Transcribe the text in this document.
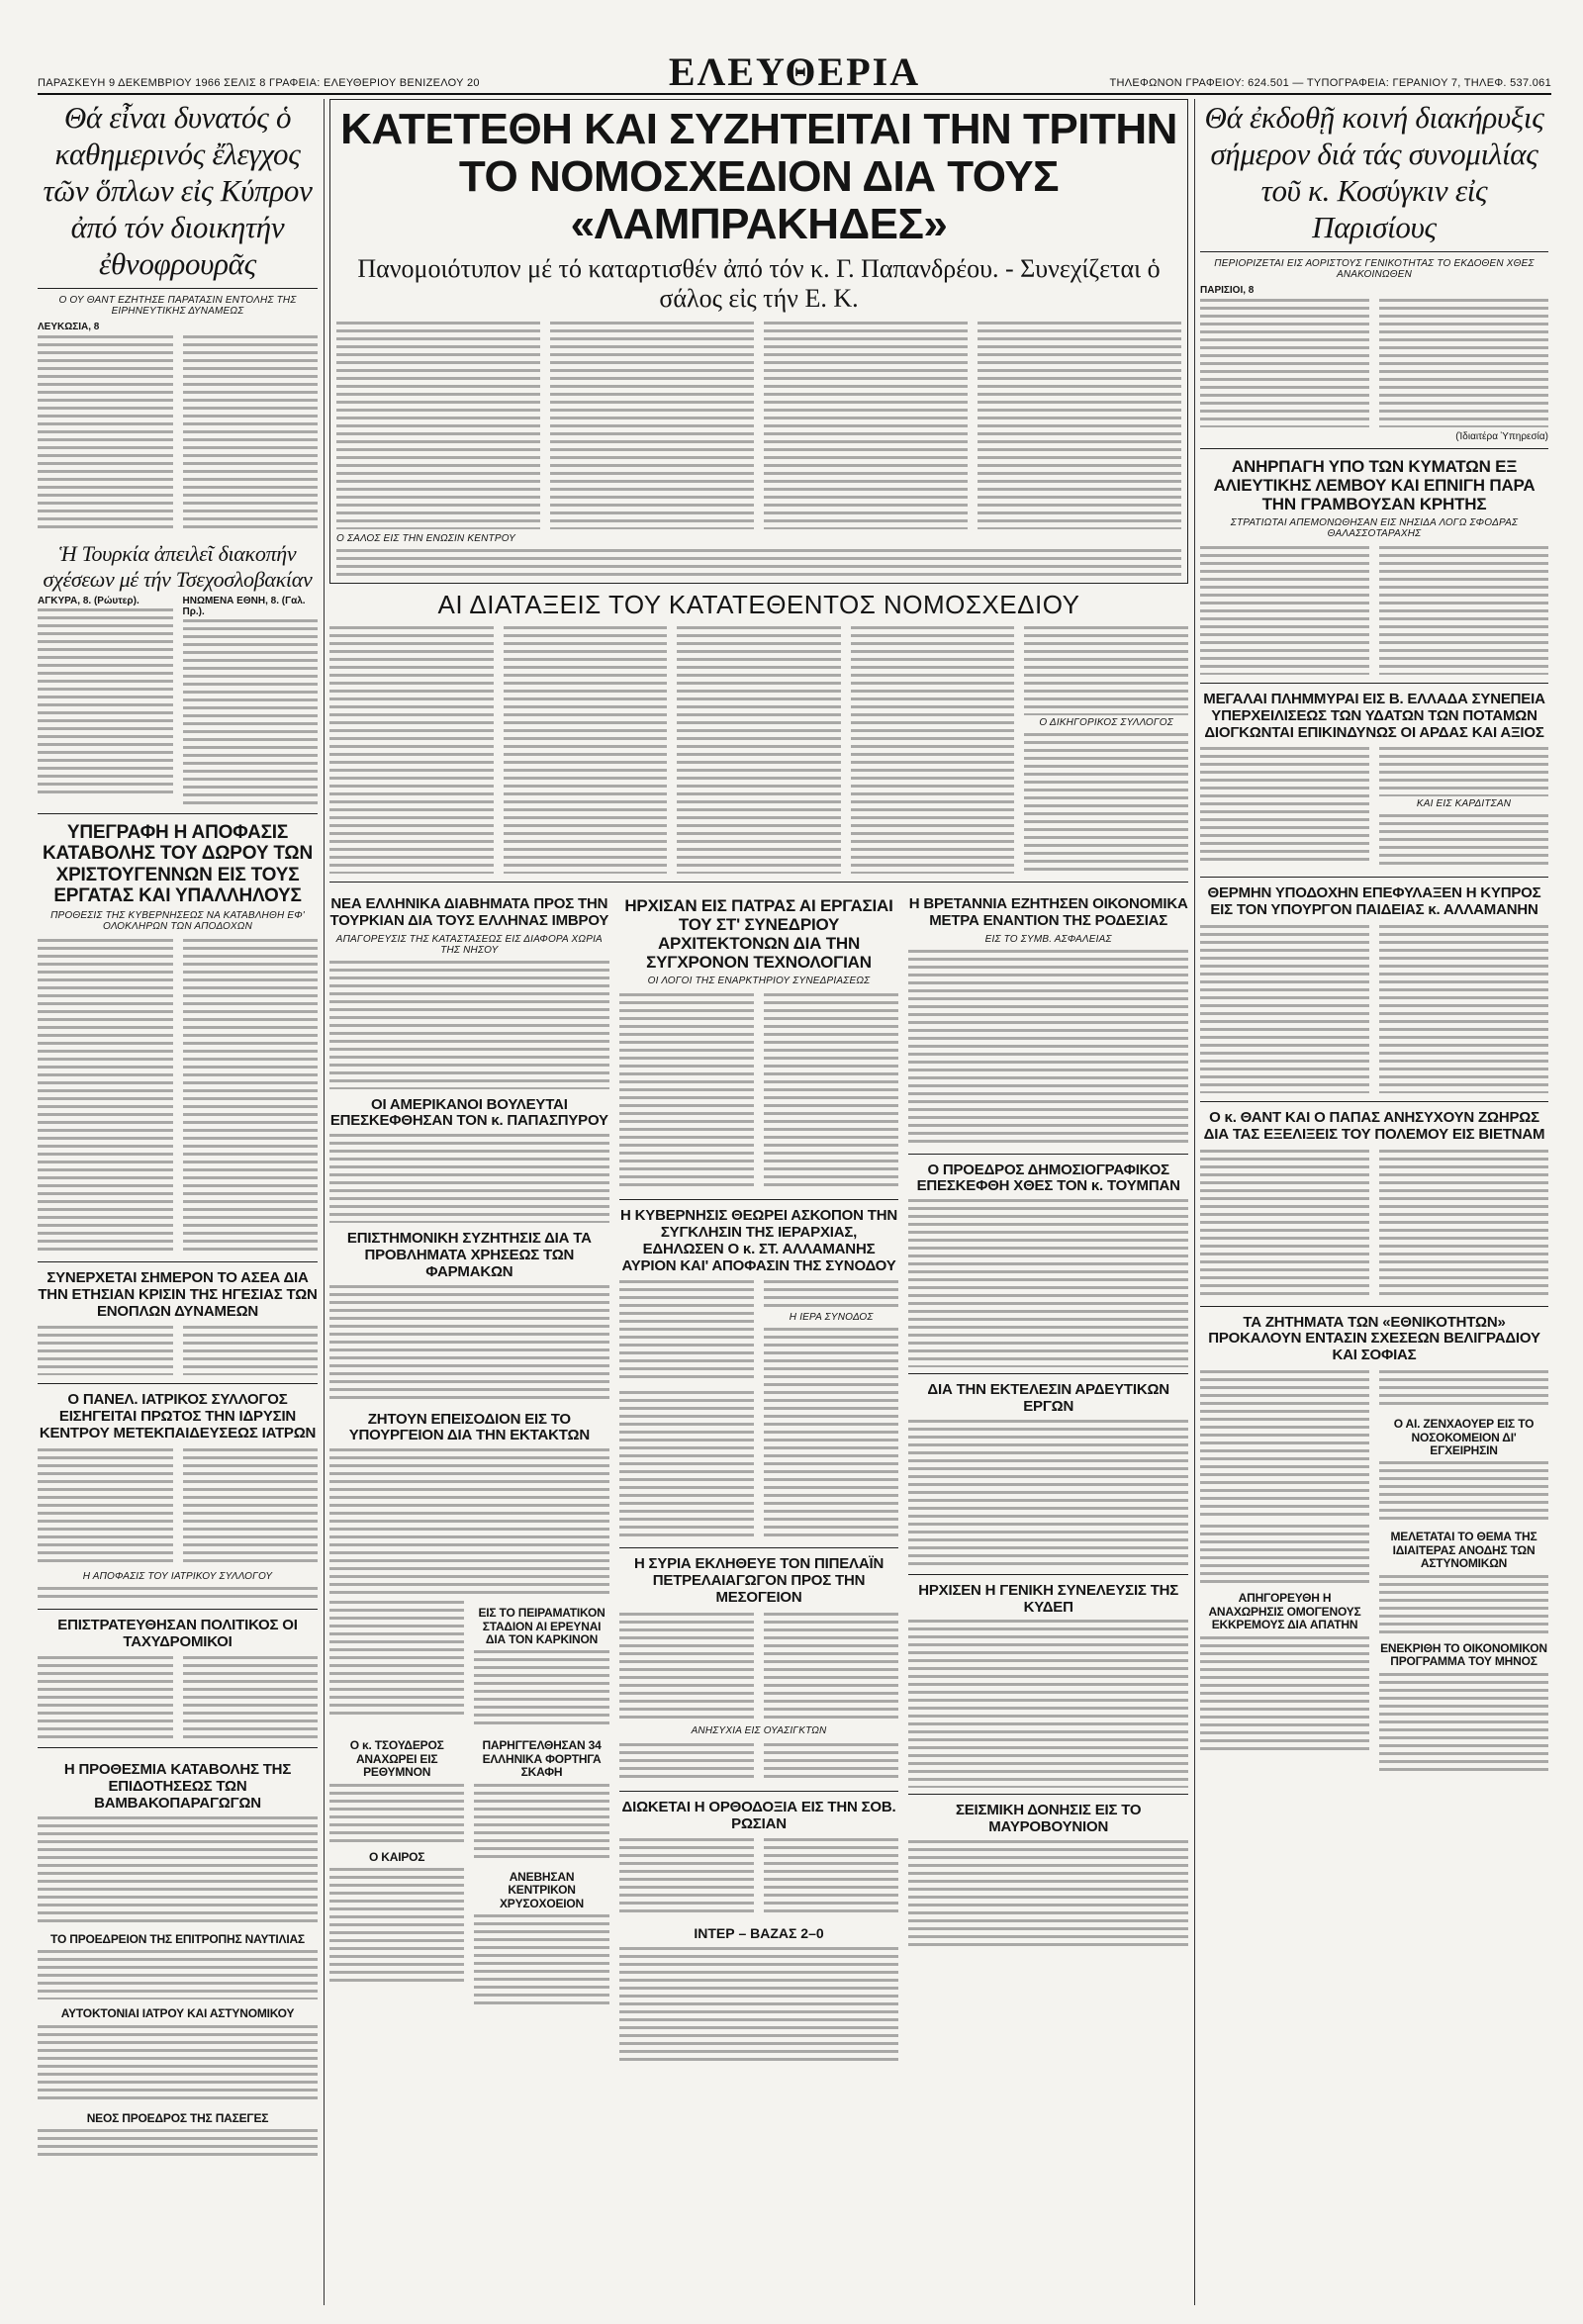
ΠΑΡΑΣΚΕΥΗ 9 ΔΕΚΕΜΒΡΙΟΥ 1966 ΣΕΛΙΣ 8 ΓΡΑΦΕΙΑ: ΕΛΕΥΘΕΡΙΟΥ ΒΕΝΙΖΕΛΟΥ 20	ΕΛΕΥΘΕΡΙΑ	ΤΗΛΕΦΩΝΟΝ ΓΡΑΦΕΙΟΥ: 624.501 — ΤΥΠΟΓΡΑΦΕΙΑ: ΓΕΡΑΝΙΟΥ 7, ΤΗΛΕΦ. 537.061
Θά εἶναι δυνατός ὁ καθημερινός ἔλεγχος τῶν ὅπλων εἰς Κύπρον ἀπό τόν διοικητήν ἐθνοφρουρᾶς
Ο ΟΥ ΘΑΝΤ ΕΖΗΤΗΣΕ ΠΑΡΑΤΑΣΙΝ ΕΝΤΟΛΗΣ ΤΗΣ ΕΙΡΗΝΕΥΤΙΚΗΣ ΔΥΝΑΜΕΩΣ
ΛΕΥΚΩΣΙΑ, 8
Ἡ Τουρκία ἀπειλεῖ διακοπήν σχέσεων μέ τήν Τσεχοσλοβακίαν
ΑΓΚΥΡΑ, 8. (Ρώυτερ).	ΗΝΩΜΕΝΑ ΕΘΝΗ, 8. (Γαλ. Πρ.).
ΥΠΕΓΡΑΦΗ Η ΑΠΟΦΑΣΙΣ ΚΑΤΑΒΟΛΗΣ ΤΟΥ ΔΩΡΟΥ ΤΩΝ ΧΡΙΣΤΟΥΓΕΝΝΩΝ ΕΙΣ ΤΟΥΣ ΕΡΓΑΤΑΣ ΚΑΙ ΥΠΑΛΛΗΛΟΥΣ
ΠΡΟΘΕΣΙΣ ΤΗΣ ΚΥΒΕΡΝΗΣΕΩΣ ΝΑ ΚΑΤΑΒΛΗΘΗ ΕΦ' ΟΛΟΚΛΗΡΩΝ ΤΩΝ ΑΠΟΔΟΧΩΝ
ΣΥΝΕΡΧΕΤΑΙ ΣΗΜΕΡΟΝ ΤΟ ΑΣΕΑ ΔΙΑ ΤΗΝ ΕΤΗΣΙΑΝ ΚΡΙΣΙΝ ΤΗΣ ΗΓΕΣΙΑΣ ΤΩΝ ΕΝΟΠΛΩΝ ΔΥΝΑΜΕΩΝ
Ο ΠΑΝΕΛ. ΙΑΤΡΙΚΟΣ ΣΥΛΛΟΓΟΣ ΕΙΣΗΓΕΙΤΑΙ ΠΡΩΤΟΣ ΤΗΝ ΙΔΡΥΣΙΝ ΚΕΝΤΡΟΥ ΜΕΤΕΚΠΑΙΔΕΥΣΕΩΣ ΙΑΤΡΩΝ
Η ΑΠΟΦΑΣΙΣ ΤΟΥ ΙΑΤΡΙΚΟΥ ΣΥΛΛΟΓΟΥ
ΕΠΙΣΤΡΑΤΕΥΘΗΣΑΝ ΠΟΛΙΤΙΚΟΣ ΟΙ ΤΑΧΥΔΡΟΜΙΚΟΙ
Η ΠΡΟΘΕΣΜΙΑ ΚΑΤΑΒΟΛΗΣ ΤΗΣ ΕΠΙΔΟΤΗΣΕΩΣ ΤΩΝ ΒΑΜΒΑΚΟΠΑΡΑΓΩΓΩΝ
ΤΟ ΠΡΟΕΔΡΕΙΟΝ ΤΗΣ ΕΠΙΤΡΟΠΗΣ ΝΑΥΤΙΛΙΑΣ
ΑΥΤΟΚΤΟΝΙΑΙ ΙΑΤΡΟΥ ΚΑΙ ΑΣΤΥΝΟΜΙΚΟΥ
ΝΕΟΣ ΠΡΟΕΔΡΟΣ ΤΗΣ ΠΑΣΕΓΕΣ
ΚΑΤΕΤΕΘΗ ΚΑΙ ΣΥΖΗΤΕΙΤΑΙ ΤΗΝ ΤΡΙΤΗΝ ΤΟ ΝΟΜΟΣΧΕΔΙΟΝ ΔΙΑ ΤΟΥΣ «ΛΑΜΠΡΑΚΗΔΕΣ»
Πανομοιότυπον μέ τό καταρτισθέν ἀπό τόν κ. Γ. Παπανδρέου. - Συνεχίζεται ὁ σάλος εἰς τήν Ε. Κ.
Ο ΣΑΛΟΣ ΕΙΣ ΤΗΝ ΕΝΩΣΙΝ ΚΕΝΤΡΟΥ
ΑΙ ΔΙΑΤΑΞΕΙΣ ΤΟΥ ΚΑΤΑΤΕΘΕΝΤΟΣ ΝΟΜΟΣΧΕΔΙΟΥ
Ο ΔΙΚΗΓΟΡΙΚΟΣ ΣΥΛΛΟΓΟΣ
ΝΕΑ ΕΛΛΗΝΙΚΑ ΔΙΑΒΗΜΑΤΑ ΠΡΟΣ ΤΗΝ ΤΟΥΡΚΙΑΝ ΔΙΑ ΤΟΥΣ ΕΛΛΗΝΑΣ ΙΜΒΡΟΥ
ΑΠΑΓΟΡΕΥΣΙΣ ΤΗΣ ΚΑΤΑΣΤΑΣΕΩΣ ΕΙΣ ΔΙΑΦΟΡΑ ΧΩΡΙΑ ΤΗΣ ΝΗΣΟΥ
ΟΙ ΑΜΕΡΙΚΑΝΟΙ ΒΟΥΛΕΥΤΑΙ ΕΠΕΣΚΕΦΘΗΣΑΝ ΤΟΝ κ. ΠΑΠΑΣΠΥΡΟΥ
ΕΠΙΣΤΗΜΟΝΙΚΗ ΣΥΖΗΤΗΣΙΣ ΔΙΑ ΤΑ ΠΡΟΒΛΗΜΑΤΑ ΧΡΗΣΕΩΣ ΤΩΝ ΦΑΡΜΑΚΩΝ
ΖΗΤΟΥΝ ΕΠΕΙΣΟΔΙΟΝ ΕΙΣ ΤΟ ΥΠΟΥΡΓΕΙΟΝ ΔΙΑ ΤΗΝ ΕΚΤΑΚΤΩΝ
ΕΙΣ ΤΟ ΠΕΙΡΑΜΑΤΙΚΟΝ ΣΤΑΔΙΟΝ ΑΙ ΕΡΕΥΝΑΙ ΔΙΑ ΤΟΝ ΚΑΡΚΙΝΟΝ
Ο κ. ΤΣΟΥΔΕΡΟΣ ΑΝΑΧΩΡΕΙ ΕΙΣ ΡΕΘΥΜΝΟΝ
Ο ΚΑΙΡΟΣ
ΠΑΡΗΓΓΕΛΘΗΣΑΝ 34 ΕΛΛΗΝΙΚΑ ΦΟΡΤΗΓΑ ΣΚΑΦΗ
ΑΝΕΒΗΣΑΝ ΚΕΝΤΡΙΚΟΝ ΧΡΥΣΟΧΟΕΙΟΝ
ΗΡΧΙΣΑΝ ΕΙΣ ΠΑΤΡΑΣ ΑΙ ΕΡΓΑΣΙΑΙ ΤΟΥ ΣΤ' ΣΥΝΕΔΡΙΟΥ ΑΡΧΙΤΕΚΤΟΝΩΝ ΔΙΑ ΤΗΝ ΣΥΓΧΡΟΝΟΝ ΤΕΧΝΟΛΟΓΙΑΝ
ΟΙ ΛΟΓΟΙ ΤΗΣ ΕΝΑΡΚΤΗΡΙΟΥ ΣΥΝΕΔΡΙΑΣΕΩΣ
Η ΚΥΒΕΡΝΗΣΙΣ ΘΕΩΡΕΙ ΑΣΚΟΠΟΝ ΤΗΝ ΣΥΓΚΛΗΣΙΝ ΤΗΣ ΙΕΡΑΡΧΙΑΣ, ΕΔΗΛΩΣΕΝ Ο κ. ΣΤ. ΑΛΛΑΜΑΝΗΣ ΑΥΡΙΟΝ ΚΑΙ' ΑΠΟΦΑΣΙΝ ΤΗΣ ΣΥΝΟΔΟΥ
Η ΙΕΡΑ ΣΥΝΟΔΟΣ
Η ΣΥΡΙΑ ΕΚΛΗΘΕΥΕ ΤΟΝ ΠΙΠΕΛΑΪΝ ΠΕΤΡΕΛΑΙΑΓΩΓΟΝ ΠΡΟΣ ΤΗΝ ΜΕΣΟΓΕΙΟΝ
ΑΝΗΣΥΧΙΑ ΕΙΣ ΟΥΑΣΙΓΚΤΩΝ
ΔΙΩΚΕΤΑΙ Η ΟΡΘΟΔΟΞΙΑ ΕΙΣ ΤΗΝ ΣΟΒ. ΡΩΣΙΑΝ
ΙΝΤΕΡ – ΒΑΖΑΣ 2–0
Η ΒΡΕΤΑΝΝΙΑ ΕΖΗΤΗΣΕΝ ΟΙΚΟΝΟΜΙΚΑ ΜΕΤΡΑ ΕΝΑΝΤΙΟΝ ΤΗΣ ΡΟΔΕΣΙΑΣ
ΕΙΣ ΤΟ ΣΥΜΒ. ΑΣΦΑΛΕΙΑΣ
Ο ΠΡΟΕΔΡΟΣ ΔΗΜΟΣΙΟΓΡΑΦΙΚΟΣ ΕΠΕΣΚΕΦΘΗ ΧΘΕΣ ΤΟΝ κ. ΤΟΥΜΠΑΝ
ΔΙΑ ΤΗΝ ΕΚΤΕΛΕΣΙΝ ΑΡΔΕΥΤΙΚΩΝ ΕΡΓΩΝ
ΗΡΧΙΣΕΝ Η ΓΕΝΙΚΗ ΣΥΝΕΛΕΥΣΙΣ ΤΗΣ ΚΥΔΕΠ
ΣΕΙΣΜΙΚΗ ΔΟΝΗΣΙΣ ΕΙΣ ΤΟ ΜΑΥΡΟΒΟΥΝΙΟΝ
Θά ἐκδοθῇ κοινή διακήρυξις σήμερον διά τάς συνομιλίας τοῦ κ. Κοσύγκιν εἰς Παρισίους
ΠΕΡΙΟΡΙΖΕΤΑΙ ΕΙΣ ΑΟΡΙΣΤΟΥΣ ΓΕΝΙΚΟΤΗΤΑΣ ΤΟ ΕΚΔΟΘΕΝ ΧΘΕΣ ΑΝΑΚΟΙΝΩΘΕΝ
ΠΑΡΙΣΙΟΙ, 8
(Ἰδιαιτέρα Ὑπηρεσία)
ΑΝΗΡΠΑΓΗ ΥΠΟ ΤΩΝ ΚΥΜΑΤΩΝ ΕΞ ΑΛΙΕΥΤΙΚΗΣ ΛΕΜΒΟΥ ΚΑΙ ΕΠΝΙΓΗ ΠΑΡΑ ΤΗΝ ΓΡΑΜΒΟΥΣΑΝ ΚΡΗΤΗΣ
ΣΤΡΑΤΙΩΤΑΙ ΑΠΕΜΟΝΩΘΗΣΑΝ ΕΙΣ ΝΗΣΙΔΑ ΛΟΓΩ ΣΦΟΔΡΑΣ ΘΑΛΑΣΣΟΤΑΡΑΧΗΣ
ΜΕΓΑΛΑΙ ΠΛΗΜΜΥΡΑΙ ΕΙΣ Β. ΕΛΛΑΔΑ ΣΥΝΕΠΕΙΑ ΥΠΕΡΧΕΙΛΙΣΕΩΣ ΤΩΝ ΥΔΑΤΩΝ ΤΩΝ ΠΟΤΑΜΩΝ ΔΙΟΓΚΩΝΤΑΙ ΕΠΙΚΙΝΔΥΝΩΣ ΟΙ ΑΡΔΑΣ ΚΑΙ ΑΞΙΟΣ
ΚΑΙ ΕΙΣ ΚΑΡΔΙΤΣΑΝ
ΘΕΡΜΗΝ ΥΠΟΔΟΧΗΝ ΕΠΕΦΥΛΑΞΕΝ Η ΚΥΠΡΟΣ ΕΙΣ ΤΟΝ ΥΠΟΥΡΓΟΝ ΠΑΙΔΕΙΑΣ κ. ΑΛΛΑΜΑΝΗΝ
Ο κ. ΘΑΝΤ ΚΑΙ Ο ΠΑΠΑΣ ΑΝΗΣΥΧΟΥΝ ΖΩΗΡΩΣ ΔΙΑ ΤΑΣ ΕΞΕΛΙΞΕΙΣ ΤΟΥ ΠΟΛΕΜΟΥ ΕΙΣ ΒΙΕΤΝΑΜ
ΤΑ ΖΗΤΗΜΑΤΑ ΤΩΝ «ΕΘΝΙΚΟΤΗΤΩΝ» ΠΡΟΚΑΛΟΥΝ ΕΝΤΑΣΙΝ ΣΧΕΣΕΩΝ ΒΕΛΙΓΡΑΔΙΟΥ ΚΑΙ ΣΟΦΙΑΣ
Ο ΑΙ. ΖΕΝΧΑΟΥΕΡ ΕΙΣ ΤΟ ΝΟΣΟΚΟΜΕΙΟΝ ΔΙ' ΕΓΧΕΙΡΗΣΙΝ
ΑΠΗΓΟΡΕΥΘΗ Η ΑΝΑΧΩΡΗΣΙΣ ΟΜΟΓΕΝΟΥΣ ΕΚΚΡΕΜΟΥΣ ΔΙΑ ΑΠΑΤΗΝ
ΜΕΛΕΤΑΤΑΙ ΤΟ ΘΕΜΑ ΤΗΣ ΙΔΙΑΙΤΕΡΑΣ ΑΝΟΔΗΣ ΤΩΝ ΑΣΤΥΝΟΜΙΚΩΝ
ΕΝΕΚΡΙΘΗ ΤΟ ΟΙΚΟΝΟΜΙΚΟΝ ΠΡΟΓΡΑΜΜΑ ΤΟΥ ΜΗΝΟΣ
